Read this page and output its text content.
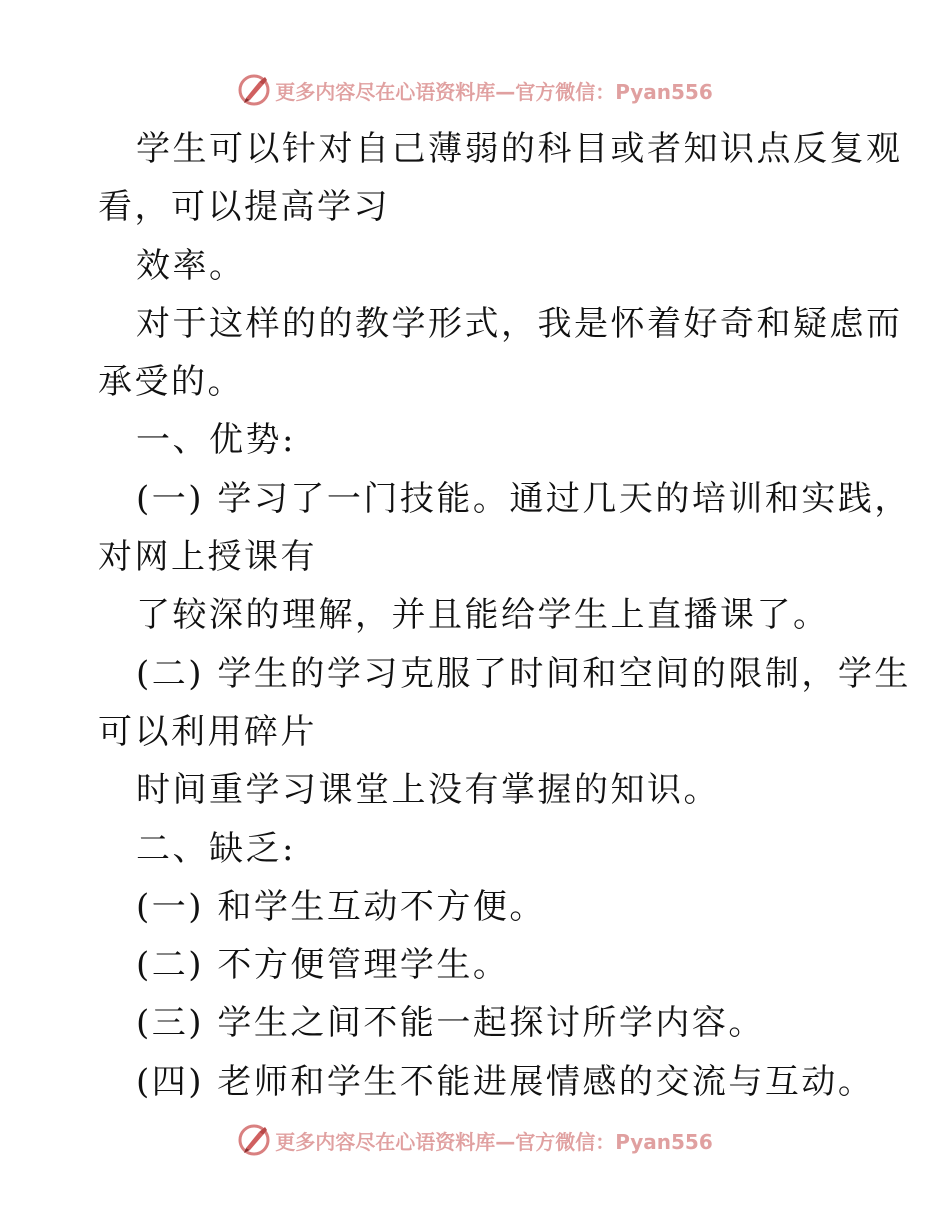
更多内容尽在心语资料库—官方微信：Pyan556

学生可以针对自己薄弱的科目或者知识点反复观

看，可以提高学习

效率。

对于这样的的教学形式，我是怀着好奇和疑虑而

承受的。

一、优势:

(一) 学习了一门技能。通过几天的培训和实践，

对网上授课有

了较深的理解，并且能给学生上直播课了。

(二) 学生的学习克服了时间和空间的限制，学生

可以利用碎片

时间重学习课堂上没有掌握的知识。

二、缺乏:

(一) 和学生互动不方便。

(二) 不方便管理学生。

(三) 学生之间不能一起探讨所学内容。

(四) 老师和学生不能进展情感的交流与互动。

更多内容尽在心语资料库—官方微信：Pyan556
